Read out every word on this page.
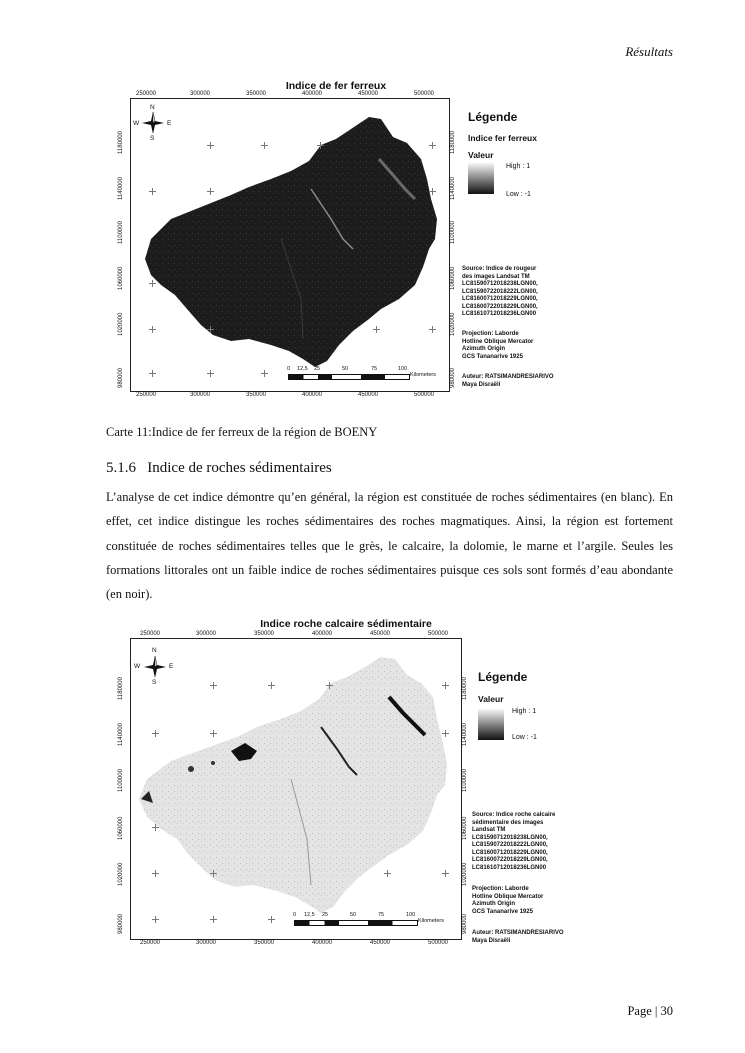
Résultats
Indice de fer ferreux
250000	300000	350000	400000	450000	500000
250000	300000	350000	400000	450000	500000
980000
1020000
1060000
1100000
1140000
1180000
980000
1020000
1060000
1100000
1140000
1180000
N
S
W	E
0 12,5 25	50	75	100
Kilometers
Légende
Indice fer ferreux
Valeur
High : 1
Low : -1
Source: Indice de rougeur
des images Landsat TM
LC81590712018238LGN00,
LC81590722018222LGN00,
LC81600712018229LGN00,
LC81600722018229LGN00,
LC81610712018236LGN00
Projection: Laborde
Hotline Oblique Mercator
Azimuth Origin
GCS Tananarive 1925
Auteur: RATSIMANDRESIARIVO
Maya Disraëli
Carte 11:Indice de fer ferreux de la région de BOENY
5.1.6 Indice de roches sédimentaires
L’analyse de cet indice démontre qu’en général, la région est constituée de roches sédimentaires (en blanc). En effet, cet indice distingue les roches sédimentaires des roches magmatiques. Ainsi, la région est fortement constituée de roches sédimentaires telles que le grès, le calcaire, la dolomie, le marne et l’argile. Seules les formations littorales ont un faible indice de roches sédimentaires puisque ces sols sont formés d’eau abondante (en noir).
Indice roche calcaire sédimentaire
250000	300000	350000	400000	450000	500000
250000	300000	350000	400000	450000	500000
980000
1020000
1060000
1100000
1140000
1180000
980000
1020000
1060000
1100000
1140000
1180000
N
S
W	E
0 12,5 25	50	75	100
Kilometers
Légende
Valeur
High : 1
Low : -1
Source: Indice roche calcaire
sédimentaire des images
Landsat TM
LC81590712018238LGN00,
LC81590722018222LGN00,
LC81600712018229LGN00,
LC81600722018229LGN00,
LC81610712018236LGN00
Projection: Laborde
Hotline Oblique Mercator
Azimuth Origin
GCS Tananarive 1925
Auteur: RATSIMANDRESIARIVO
Maya Disraëli
Page | 30
